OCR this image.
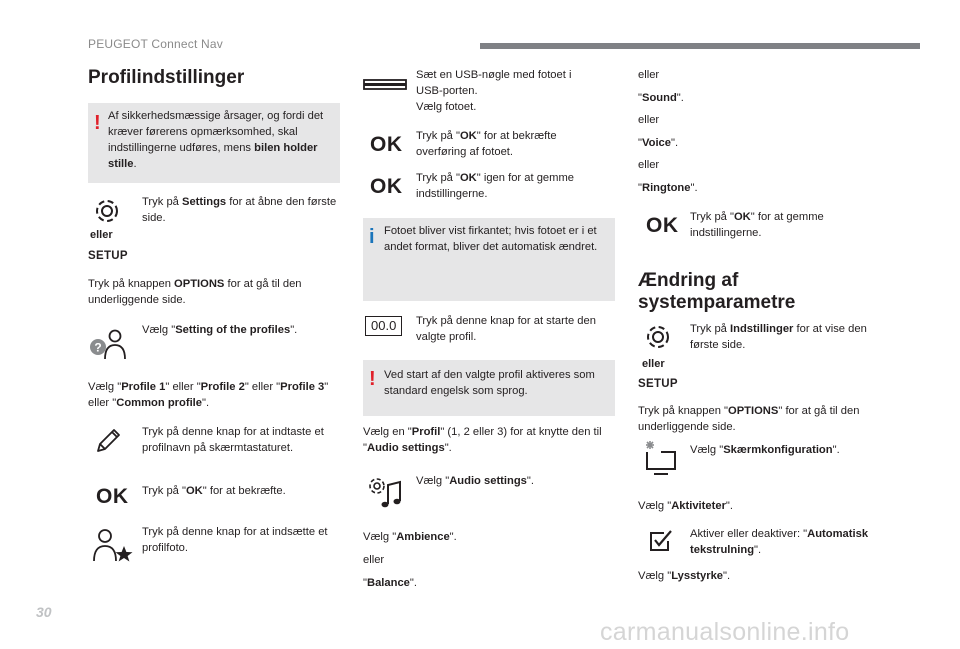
PEUGEOT Connect Nav
Profilindstillinger
! Af sikkerhedsmæssige årsager, og fordi det kræver førerens opmærksomhed, skal indstillingerne udføres, mens bilen holder stille.
eller
SETUP
Tryk på Settings for at åbne den første side.
Tryk på knappen OPTIONS for at gå til den underliggende side.
?
Vælg "Setting of the profiles".
Vælg "Profile 1" eller "Profile 2" eller "Profile 3" eller "Common profile".
Tryk på denne knap for at indtaste et profilnavn på skærmtastaturet.
OK Tryk på "OK" for at bekræfte.
Tryk på denne knap for at indsætte et profilfoto.
Sæt en USB-nøgle med fotoet i USB-porten.
Vælg fotoet.
OK Tryk på "OK" for at bekræfte overføring af fotoet.
OK Tryk på "OK" igen for at gemme indstillingerne.
i Fotoet bliver vist firkantet; hvis fotoet er i et andet format, bliver det automatisk ændret.
00.0	Tryk på denne knap for at starte den valgte profil.
! Ved start af den valgte profil aktiveres som standard engelsk som sprog.
Vælg en "Profil" (1, 2 eller 3) for at knytte den til "Audio settings".
Vælg "Audio settings".
Vælg "Ambience".
eller
"Balance".
eller
"Sound".
eller
"Voice".
eller
"Ringtone".
OK Tryk på "OK" for at gemme indstillingerne.
Ændring af systemparametre
eller
SETUP
Tryk på Indstillinger for at vise den første side.
Tryk på knappen "OPTIONS" for at gå til den underliggende side.
Vælg "Skærmkonfiguration".
Vælg "Aktiviteter".
Aktiver eller deaktiver: "Automatisk tekstrulning".
Vælg "Lysstyrke".
30
carmanualsonline.info
